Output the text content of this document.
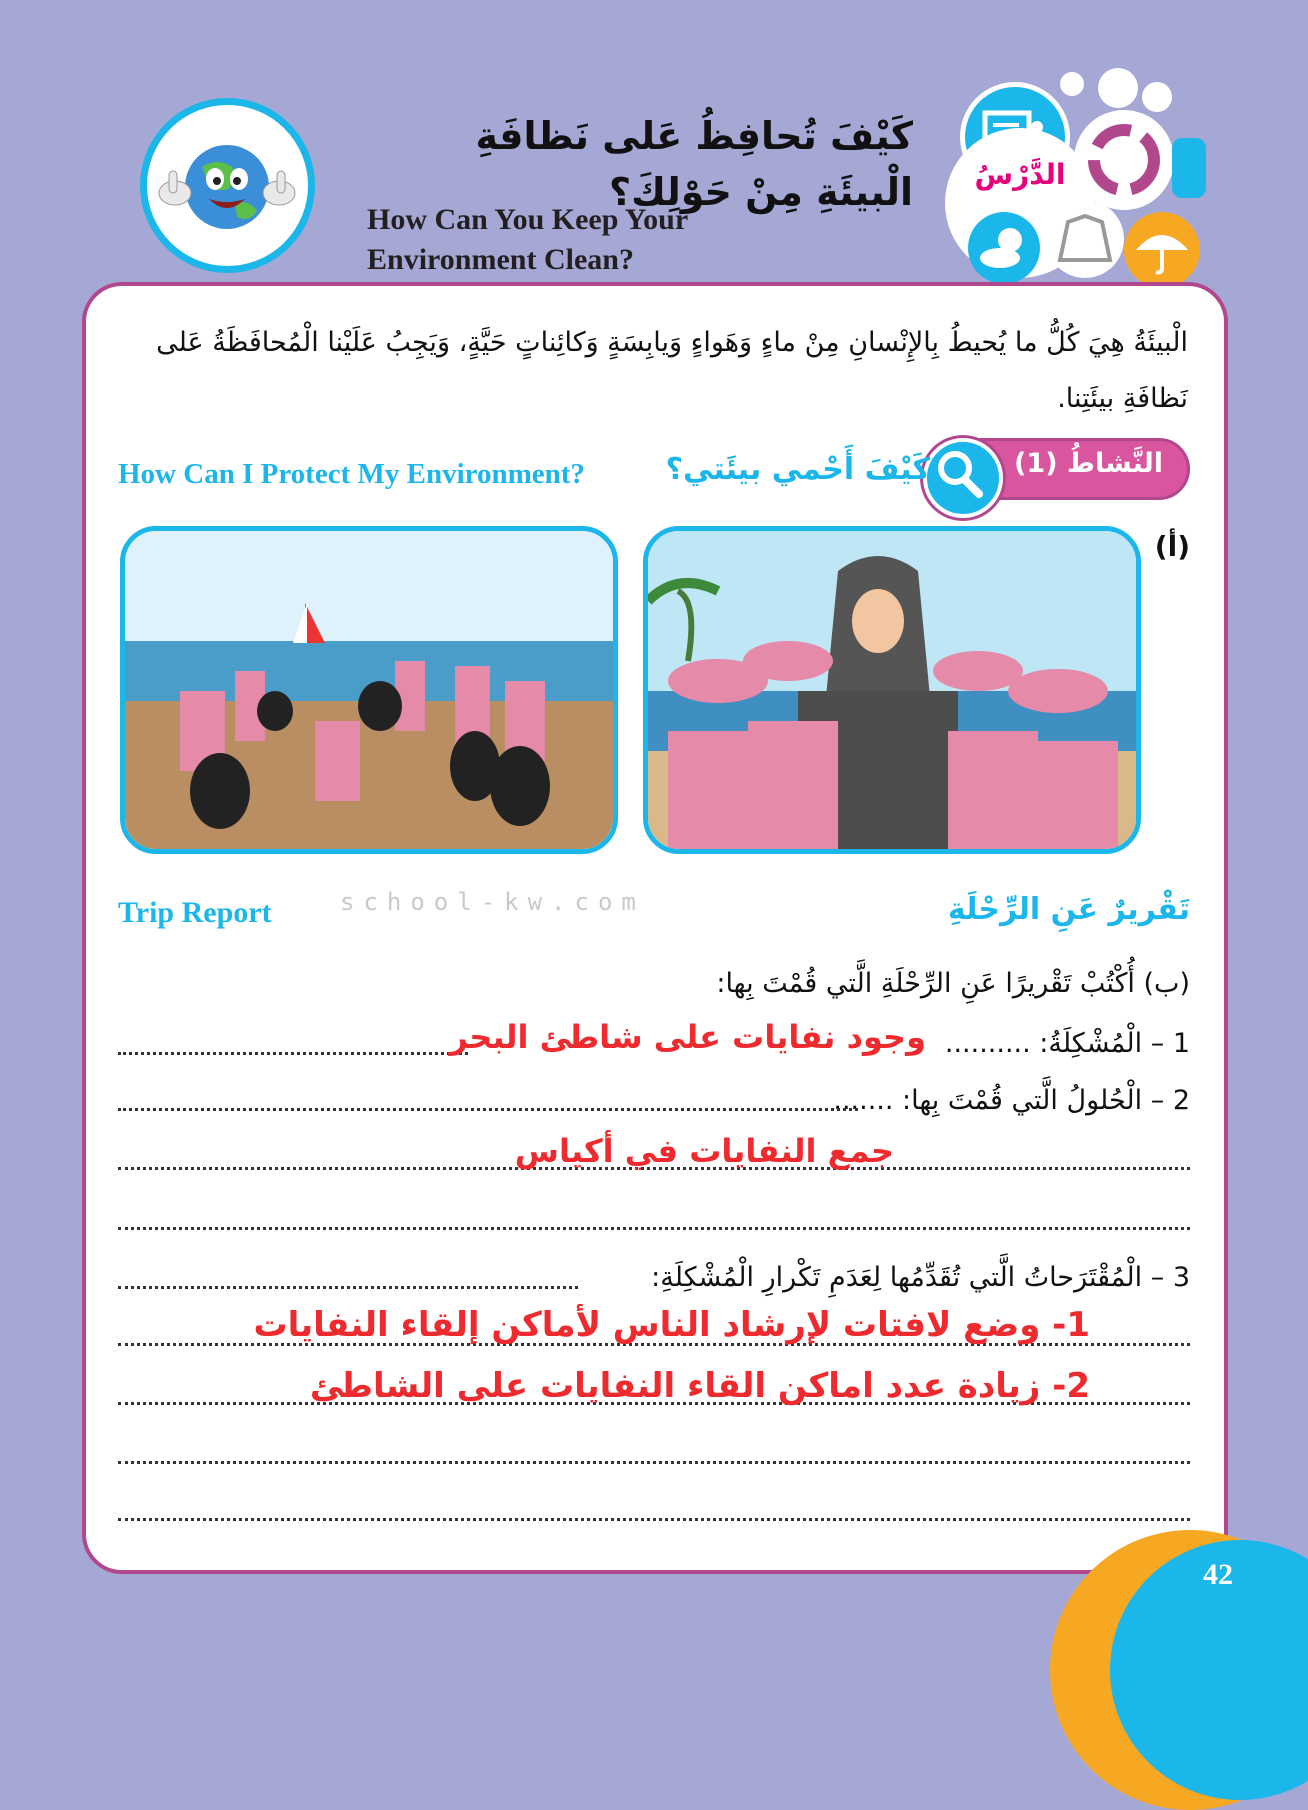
كَيْفَ تُحافِظُ عَلى نَظافَةِ الْبيئَةِ مِنْ حَوْلِكَ؟
How Can You Keep Your
Environment Clean?
الدَّرْسُ
الْبيئَةُ هِيَ كُلُّ ما يُحيطُ بِالإِنْسانِ مِنْ ماءٍ وَهَواءٍ وَيابِسَةٍ وَكائِناتٍ حَيَّةٍ، وَيَجِبُ عَلَيْنا الْمُحافَظَةُ عَلى نَظافَةِ بيئَتِنا.
النَّشاطُ (1)
كَيْفَ أَحْمي بيئَتي؟
How Can I Protect My Environment?
(أ)
تَقْريرٌ عَنِ الرِّحْلَةِ
Trip Report	school-kw.com
(ب) أُكْتُبْ تَقْريرًا عَنِ الرِّحْلَةِ الَّتي قُمْتَ بِها:
1 – الْمُشْكِلَةُ: ..........
وجود نفايات على شاطئ البحر
2 – الْحُلولُ الَّتي قُمْتَ بِها: .......
جمع النفايات في أكياس
3 – الْمُقْتَرَحاتُ الَّتي تُقَدِّمُها لِعَدَمِ تَكْرارِ الْمُشْكِلَةِ:
1- وضع لافتات لإرشاد الناس لأماكن إلقاء النفايات
2- زيادة عدد اماكن القاء النفايات على الشاطئ
42
